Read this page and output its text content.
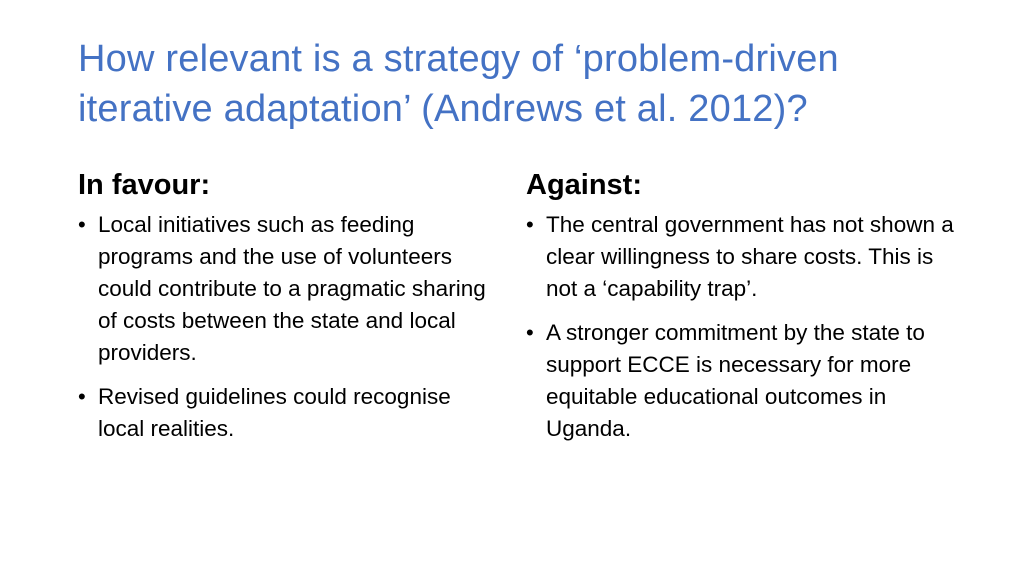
How relevant is a strategy of ‘problem-driven iterative adaptation’ (Andrews et al. 2012)?
In favour:
• Local initiatives such as feeding programs and the use of volunteers could contribute to a pragmatic sharing of costs between the state and local providers.
• Revised guidelines could recognise local realities.
Against:
• The central government has not shown a clear willingness to share costs. This is not a ‘capability trap’.
• A stronger commitment by the state to support ECCE is necessary for more equitable educational outcomes in Uganda.
